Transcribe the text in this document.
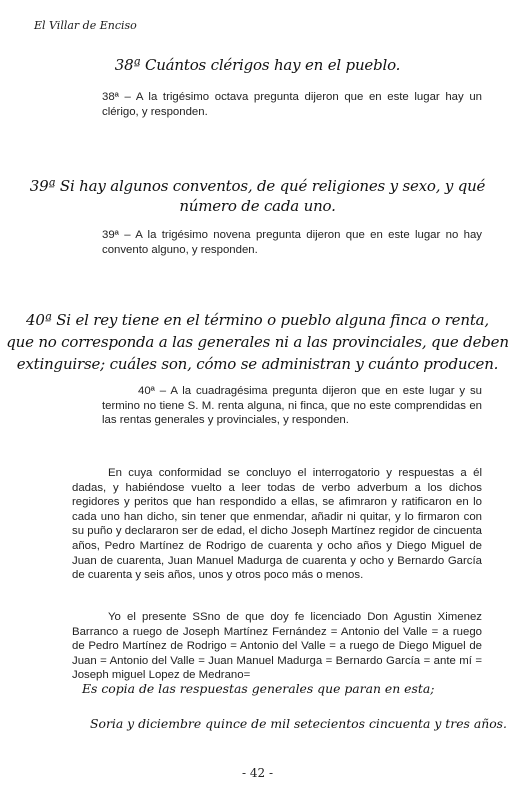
El Villar de Enciso
38ª Cuántos clérigos hay en el pueblo.
38ª – A la trigésimo octava pregunta dijeron que en este lugar hay un clérigo, y responden.
39ª Si hay algunos conventos, de qué religiones y sexo, y qué
número de cada uno.
39ª – A la trigésimo novena pregunta dijeron que en este lugar no hay convento alguno, y responden.
40ª Si el rey tiene en el término o pueblo alguna finca o renta,
que no corresponda a las generales ni a las provinciales, que deben
extinguirse; cuáles son, cómo se administran y cuánto producen.
40ª – A la cuadragésima pregunta dijeron que en este lugar y su termino no tiene S. M. renta alguna, ni finca, que no este comprendidas en las rentas generales y provinciales, y responden.
En cuya conformidad se concluyo el interrogatorio y respuestas a él dadas, y habiéndose vuelto a leer todas de verbo adverbum a los dichos regidores y peritos que han respondido a ellas, se afimraron y ratificaron en lo cada uno han dicho, sin tener que enmendar, añadir ni quitar, y lo firmaron con su puño y declararon ser de edad, el dicho Joseph Martínez regidor de cincuenta años, Pedro Martínez de Rodrigo de cuarenta y ocho años y Diego Miguel de Juan de cuarenta, Juan Manuel Madurga de cuarenta y ocho y Bernardo García de cuarenta y seis años, unos y otros poco más o menos.
Yo el presente SSno de que doy fe licenciado Don Agustin Ximenez Barranco a ruego de Joseph Martínez Fernández = Antonio del Valle = a ruego de Pedro Martínez de Rodrigo = Antonio del Valle = a ruego de Diego Miguel de Juan = Antonio del Valle = Juan Manuel Madurga = Bernardo García = ante mí = Joseph miguel Lopez de Medrano=
Es copia de las respuestas generales que paran en esta;
Soria y diciembre quince de mil setecientos cincuenta y tres años.
- 42 -
